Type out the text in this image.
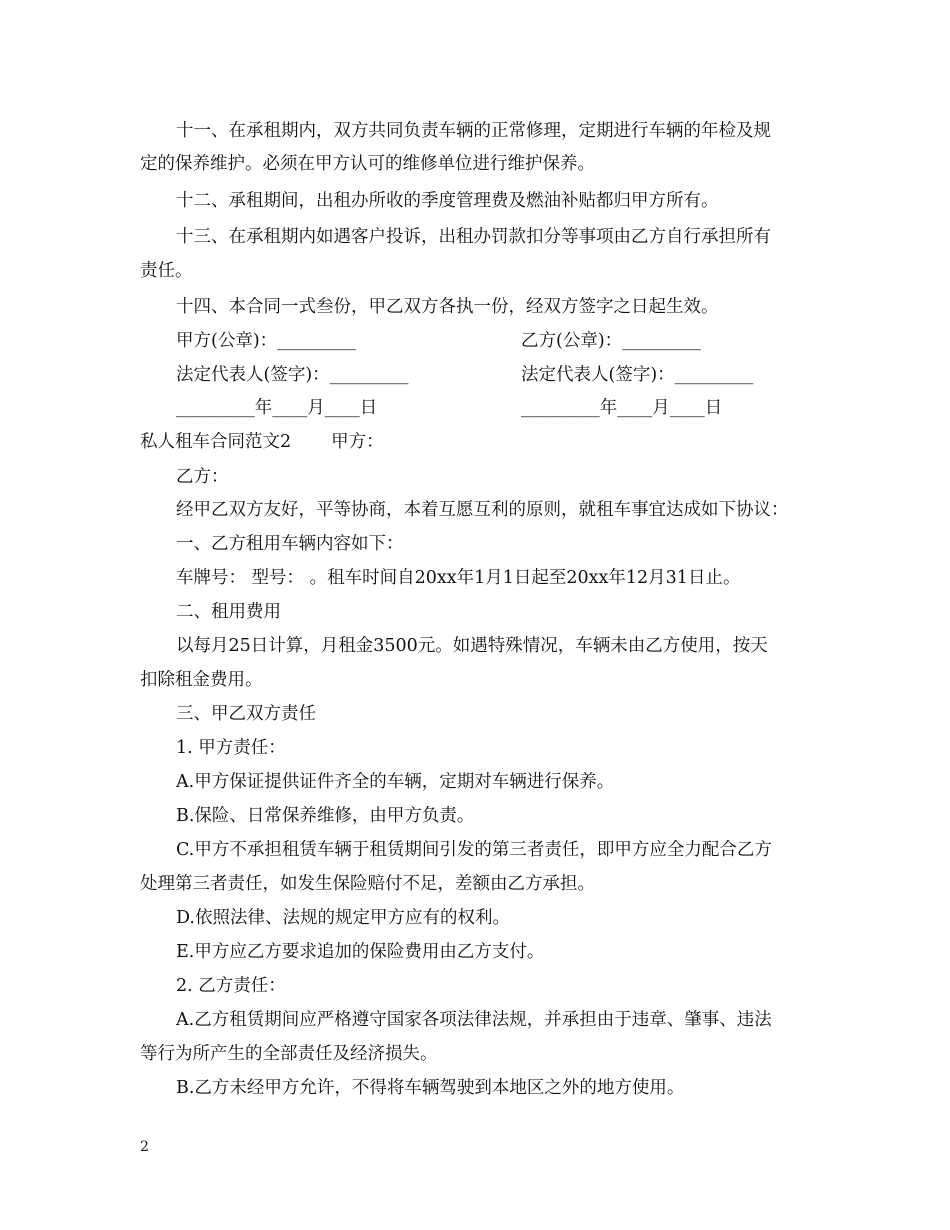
十一、在承租期内，双方共同负责车辆的正常修理，定期进行车辆的年检及规
定的保养维护。必须在甲方认可的维修单位进行维护保养。
十二、承租期间，出租办所收的季度管理费及燃油补贴都归甲方所有。
十三、在承租期内如遇客户投诉，出租办罚款扣分等事项由乙方自行承担所有
责任。
十四、本合同一式叁份，甲乙双方各执一份，经双方签字之日起生效。
甲方(公章)：_________	乙方(公章)：_________
法定代表人(签字)：_________	法定代表人(签字)：_________
_________年____月____日	_________年____月____日
私人租车合同范文2 甲方：
乙方：
经甲乙双方友好，平等协商，本着互愿互利的原则，就租车事宜达成如下协议：
一、乙方租用车辆内容如下：
车牌号： 型号： 。租车时间自20xx年1月1日起至20xx年12月31日止。
二、租用费用
以每月25日计算，月租金3500元。如遇特殊情况，车辆未由乙方使用，按天
扣除租金费用。
三、甲乙双方责任
1. 甲方责任：
A.甲方保证提供证件齐全的车辆，定期对车辆进行保养。
B.保险、日常保养维修，由甲方负责。
C.甲方不承担租赁车辆于租赁期间引发的第三者责任，即甲方应全力配合乙方
处理第三者责任，如发生保险赔付不足，差额由乙方承担。
D.依照法律、法规的规定甲方应有的权利。
E.甲方应乙方要求追加的保险费用由乙方支付。
2. 乙方责任：
A.乙方租赁期间应严格遵守国家各项法律法规，并承担由于违章、肇事、违法
等行为所产生的全部责任及经济损失。
B.乙方未经甲方允许，不得将车辆驾驶到本地区之外的地方使用。
2
